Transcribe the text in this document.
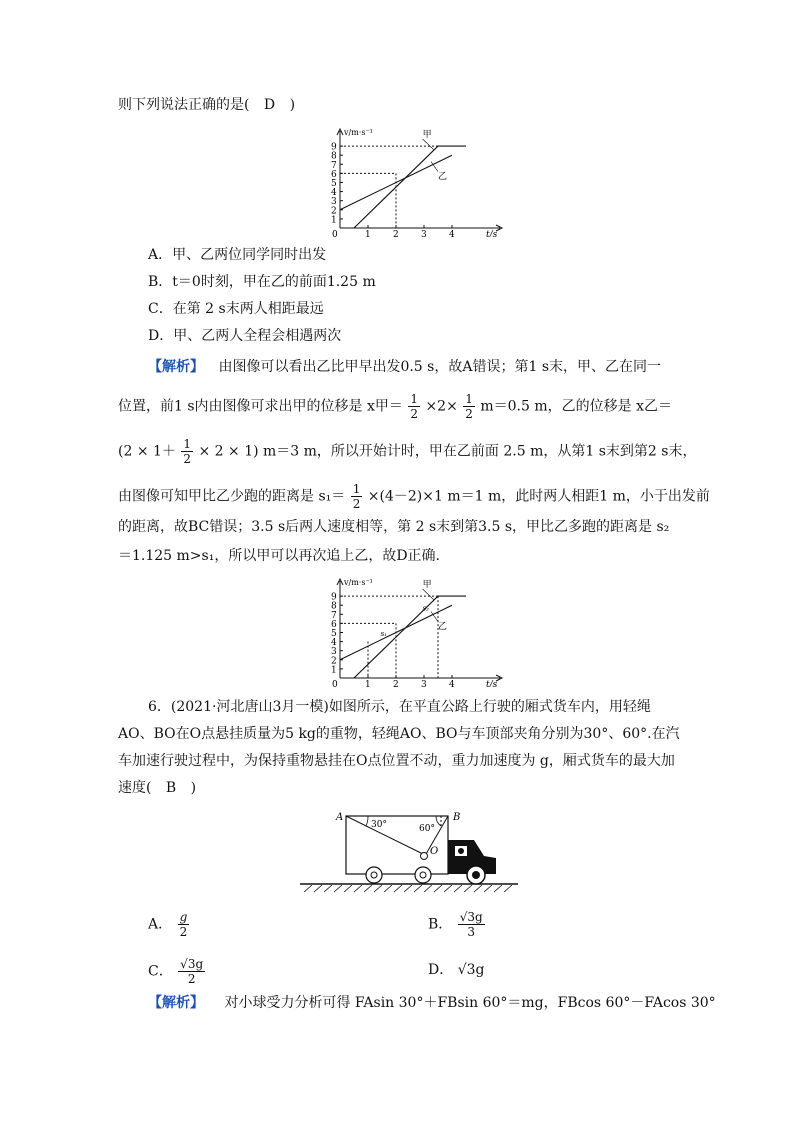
则下列说法正确的是( D )
1
2
3
4
5
6
7
8
9
0	1 2 3 4
v/m·s⁻¹
t/s
甲
乙
A．甲、乙两位同学同时出发
B．t＝0时刻，甲在乙的前面1.25 m
C．在第 2 s末两人相距最远
D．甲、乙两人全程会相遇两次
【解析】 由图像可以看出乙比甲早出发0.5 s，故A错误；第1 s末，甲、乙在同一
位置，前1 s内由图像可求出甲的位移是 x甲＝ $\frac{1}{2} \times 2\times \frac{1}{2} m=0.5$ m，乙的位移是 x乙＝
$(2 \times 1+ \frac{1}{2} \times 2 \times 1)$ m＝3 m，所以开始计时，甲在乙前面 2.5 m，从第1 s末到第2 s末，
由图像可知甲比乙少跑的距离是 $s_1= \frac{1}{2} \times(4-2)\times 1$ m＝1 m，此时两人相距1 m，小于出发前
的距离，故BC错误；3.5 s后两人速度相等，第 2 s末到第3.5 s，甲比乙多跑的距离是 s₂
＝1.125 m>s₁，所以甲可以再次追上乙，故D正确.
1
2
3
4
5
6
7
8
9
0	1 2 3 4
v/m·s⁻¹
t/s
甲
乙
s₁
s₂
6．(2021·河北唐山3月一模)如图所示，在平直公路上行驶的厢式货车内，用轻绳
AO、BO在O点悬挂质量为5 kg的重物，轻绳AO、BO与车顶部夹角分别为30°、60°.在汽
车加速行驶过程中，为保持重物悬挂在O点位置不动，重力加速度为 g，厢式货车的最大加
速度( B )
A	B
O
30°	60°
A． $\frac{g}{2}$	B． $\frac{√3g}{3}$
C． $\frac{√3g}{2}$	D． √3g
【解析】 对小球受力分析可得 FAsin 30°＋FBsin 60°＝mg，FBcos 60°－FAcos 30°
